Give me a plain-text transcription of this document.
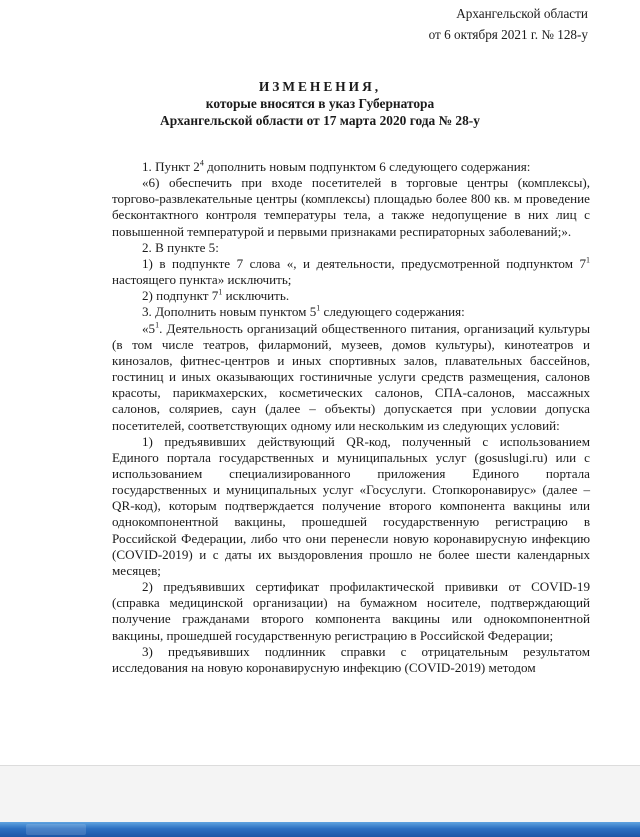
Архангельской области
от 6 октября 2021 г. № 128-у
ИЗМЕНЕНИЯ,
которые вносятся в указ Губернатора
Архангельской области от 17 марта 2020 года № 28-у

1. Пункт $2^4$ дополнить новым подпунктом 6 следующего содержания:

«6) обеспечить при входе посетителей в торговые центры (комплексы), торгово-развлекательные центры (комплексы) площадью более 800 кв. м проведение бесконтактного контроля температуры тела, а также недопущение в них лиц с повышенной температурой и первыми признаками респираторных заболеваний;».

2. В пункте 5:

1) в подпункте 7 слова «, и деятельности, предусмотренной подпунктом $7^1$ настоящего пункта» исключить;

2) подпункт $7^1$ исключить.

3. Дополнить новым пунктом $5^1$ следующего содержания:

«$5^1$. Деятельность организаций общественного питания, организаций культуры (в том числе театров, филармоний, музеев, домов культуры), кинотеатров и кинозалов, фитнес-центров и иных спортивных залов, плавательных бассейнов, гостиниц и иных оказывающих гостиничные услуги средств размещения, салонов красоты, парикмахерских, косметических салонов, СПА-салонов, массажных салонов, соляриев, саун (далее – объекты) допускается при условии допуска посетителей, соответствующих одному или нескольким из следующих условий:

1) предъявивших действующий QR-код, полученный с использованием Единого портала государственных и муниципальных услуг (gosuslugi.ru) или с использованием специализированного приложения Единого портала государственных и муниципальных услуг «Госуслуги. Стопкоронавирус» (далее – QR-код), которым подтверждается получение второго компонента вакцины или однокомпонентной вакцины, прошедшей государственную регистрацию в Российской Федерации, либо что они перенесли новую коронавирусную инфекцию (COVID-2019) и с даты их выздоровления прошло не более шести календарных месяцев;

2) предъявивших сертификат профилактической прививки от COVID-19 (справка медицинской организации) на бумажном носителе, подтверждающий получение гражданами второго компонента вакцины или однокомпонентной вакцины, прошедшей государственную регистрацию в Российской Федерации;

3) предъявивших подлинник справки с отрицательным результатом исследования на новую коронавирусную инфекцию (COVID-2019) методом
